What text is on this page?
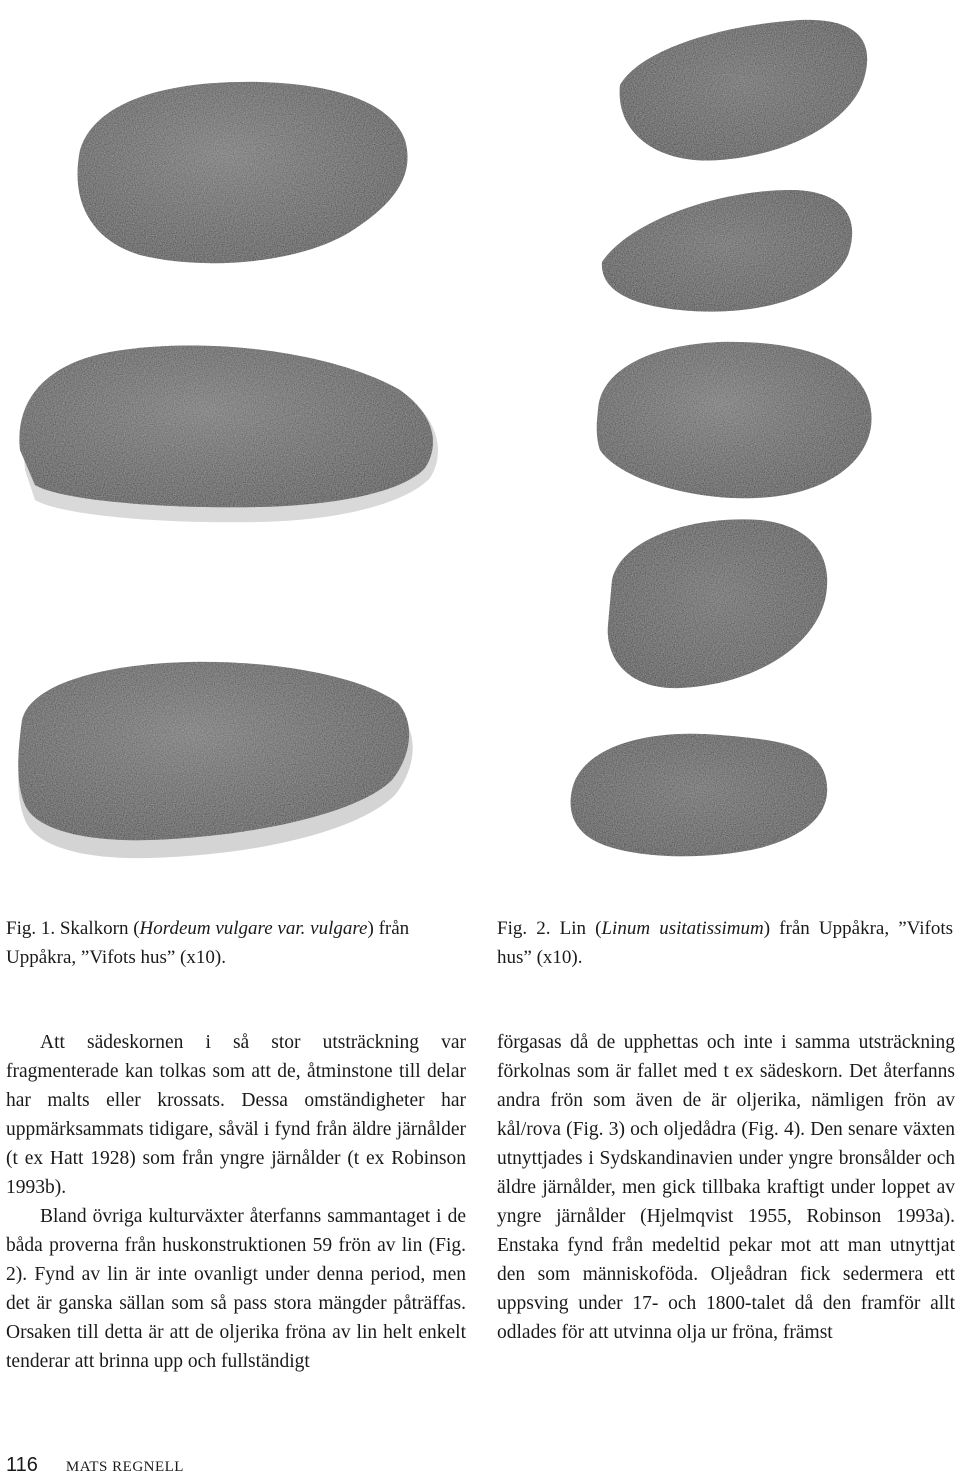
Fig. 1. Skalkorn (Hordeum vulgare var. vulgare) från Uppåkra, ”Vifots hus” (x10).
Fig. 2. Lin (Linum usitatissimum) från Uppåkra, ”Vifots hus” (x10).

Att sädeskornen i så stor utsträckning var fragmenterade kan tolkas som att de, åtminstone till delar har malts eller krossats. Dessa omständigheter har uppmärksammats tidigare, såväl i fynd från äldre järnålder (t ex Hatt 1928) som från yngre järnålder (t ex Robinson 1993b).

Bland övriga kulturväxter återfanns sammantaget i de båda proverna från huskonstruktionen 59 frön av lin (Fig. 2). Fynd av lin är inte ovanligt under denna period, men det är ganska sällan som så pass stora mängder påträffas. Orsaken till detta är att de oljerika fröna av lin helt enkelt tenderar att brinna upp och fullständigt

förgasas då de upphettas och inte i samma utsträckning förkolnas som är fallet med t ex sädeskorn. Det återfanns andra frön som även de är oljerika, nämligen frön av kål/rova (Fig. 3) och oljedådra (Fig. 4). Den senare växten utnyttjades i Sydskandinavien under yngre bronsålder och äldre järnålder, men gick tillbaka kraftigt under loppet av yngre järnålder (Hjelmqvist 1955, Robinson 1993a). Enstaka fynd från medeltid pekar mot att man utnyttjat den som människoföda. Oljeådran fick sedermera ett uppsving under 17- och 1800-talet då den framför allt odlades för att utvinna olja ur fröna, främst

116 MATS REGNELL
